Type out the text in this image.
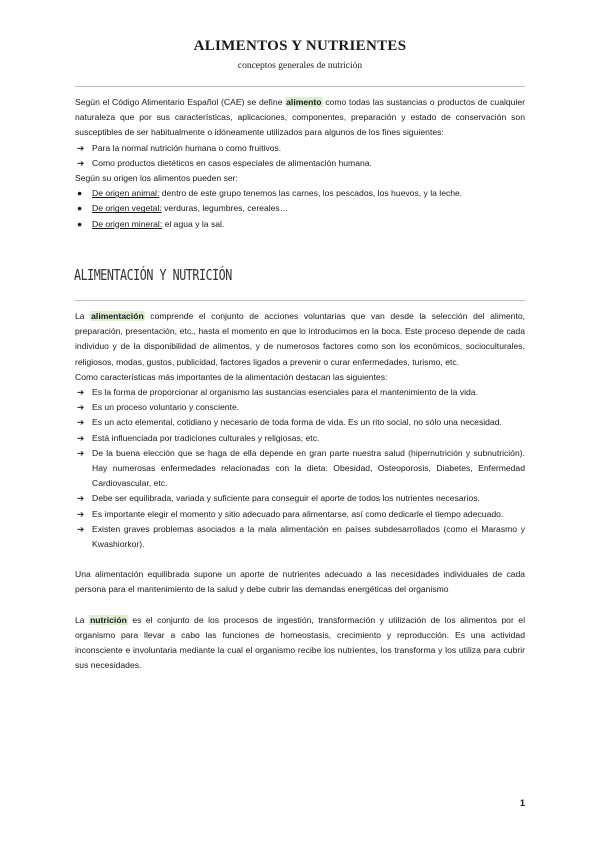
ALIMENTOS Y NUTRIENTES
conceptos generales de nutrición

Según el Código Alimentario Español (CAE) se define alimento como todas las sustancias o productos de cualquier naturaleza que por sus características, aplicaciones, componentes, preparación y estado de conservación son susceptibles de ser habitualmente o idóneamente utilizados para algunos de los fines siguientes:

➔ Para la normal nutrición humana o como fruitivos.

➔ Como productos dietéticos en casos especiales de alimentación humana.

Según su origen los alimentos pueden ser:

● De origen animal: dentro de este grupo tenemos las carnes, los pescados, los huevos, y la leche.

● De origen vegetal: verduras, legumbres, cereales…

● De origen mineral: el agua y la sal.

ALIMENTACIÓN Y NUTRICIÓN

La alimentación comprende el conjunto de acciones voluntarias que van desde la selección del alimento, preparación, presentación, etc., hasta el momento en que lo introducimos en la boca. Este proceso depende de cada individuo y de la disponibilidad de alimentos, y de numerosos factores como son los económicos, socioculturales, religiosos, modas, gustos, publicidad, factores ligados a prevenir o curar enfermedades, turismo, etc.

Como características más importantes de la alimentación destacan las siguientes:

➔ Es la forma de proporcionar al organismo las sustancias esenciales para el mantenimiento de la vida.

➔ Es un proceso voluntario y consciente.

➔ Es un acto elemental, cotidiano y necesario de toda forma de vida. Es un rito social, no sólo una necesidad.

➔ Está influenciada por tradiciones culturales y religiosas, etc.

➔ De la buena elección que se haga de ella depende en gran parte nuestra salud (hipernutrición y subnutrición). Hay numerosas enfermedades relacionadas con la dieta: Obesidad, Osteoporosis, Diabetes, Enfermedad Cardiovascular, etc.

➔ Debe ser equilibrada, variada y suficiente para conseguir el aporte de todos los nutrientes necesarios.

➔ Es importante elegir el momento y sitio adecuado para alimentarse, así como dedicarle el tiempo adecuado.

➔ Existen graves problemas asociados a la mala alimentación en países subdesarrollados (como el Marasmo y Kwashiorkor).

Una alimentación equilibrada supone un aporte de nutrientes adecuado a las necesidades individuales de cada persona para el mantenimiento de la salud y debe cubrir las demandas energéticas del organismo

La nutrición es el conjunto de los procesos de ingestión, transformación y utilización de los alimentos por el organismo para llevar a cabo las funciones de homeostasis, crecimiento y reproducción. Es una actividad inconsciente e involuntaria mediante la cual el organismo recibe los nutrientes, los transforma y los utiliza para cubrir sus necesidades.

1
